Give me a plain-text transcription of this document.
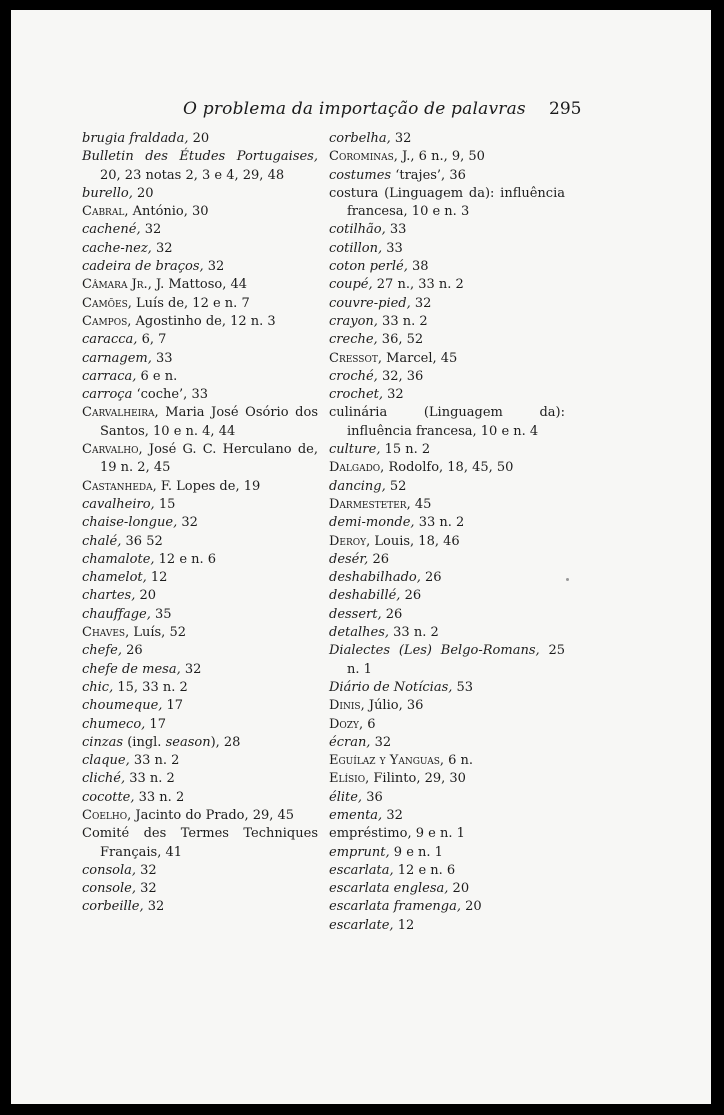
O problema da importação de palavras 295

brugia fraldada, 20

Bulletin des Études Portugaises, 20, 23 notas 2, 3 e 4, 29, 48

burello, 20

Cabral, António, 30

cachené, 32

cache-nez, 32

cadeira de braços, 32

Câmara Jr., J. Mattoso, 44

Camões, Luís de, 12 e n. 7

Campos, Agostinho de, 12 n. 3

caracca, 6, 7

carnagem, 33

carraca, 6 e n.

carroça ‘coche’, 33

Carvalheira, Maria José Osório dos Santos, 10 e n. 4, 44

Carvalho, José G. C. Herculano de, 19 n. 2, 45

Castanheda, F. Lopes de, 19

cavalheiro, 15

chaise-longue, 32

chalé, 36 52

chamalote, 12 e n. 6

chamelot, 12

chartes, 20

chauffage, 35

Chaves, Luís, 52

chefe, 26

chefe de mesa, 32

chic, 15, 33 n. 2

choumeque, 17

chumeco, 17

cinzas (ingl. season), 28

claque, 33 n. 2

cliché, 33 n. 2

cocotte, 33 n. 2

Coelho, Jacinto do Prado, 29, 45

Comité des Termes Techniques Français, 41

consola, 32

console, 32

corbeille, 32

corbelha, 32

Corominas, J., 6 n., 9, 50

costumes ‘trajes’, 36

costura (Linguagem da): influência francesa, 10 e n. 3

cotilhão, 33

cotillon, 33

coton perlé, 38

coupé, 27 n., 33 n. 2

couvre-pied, 32

crayon, 33 n. 2

creche, 36, 52

Cressot, Marcel, 45

croché, 32, 36

crochet, 32

culinária (Linguagem da): influência francesa, 10 e n. 4

culture, 15 n. 2

Dalgado, Rodolfo, 18, 45, 50

dancing, 52

Darmesteter, 45

demi-monde, 33 n. 2

Deroy, Louis, 18, 46

desér, 26

deshabilhado, 26

deshabillé, 26

dessert, 26

detalhes, 33 n. 2

Dialectes (Les) Belgo-Romans, 25 n. 1

Diário de Notícias, 53

Dinis, Júlio, 36

Dozy, 6

écran, 32

Eguílaz y Yanguas, 6 n.

Elísio, Filinto, 29, 30

élite, 36

ementa, 32

empréstimo, 9 e n. 1

emprunt, 9 e n. 1

escarlata, 12 e n. 6

escarlata englesa, 20

escarlata framenga, 20

escarlate, 12
